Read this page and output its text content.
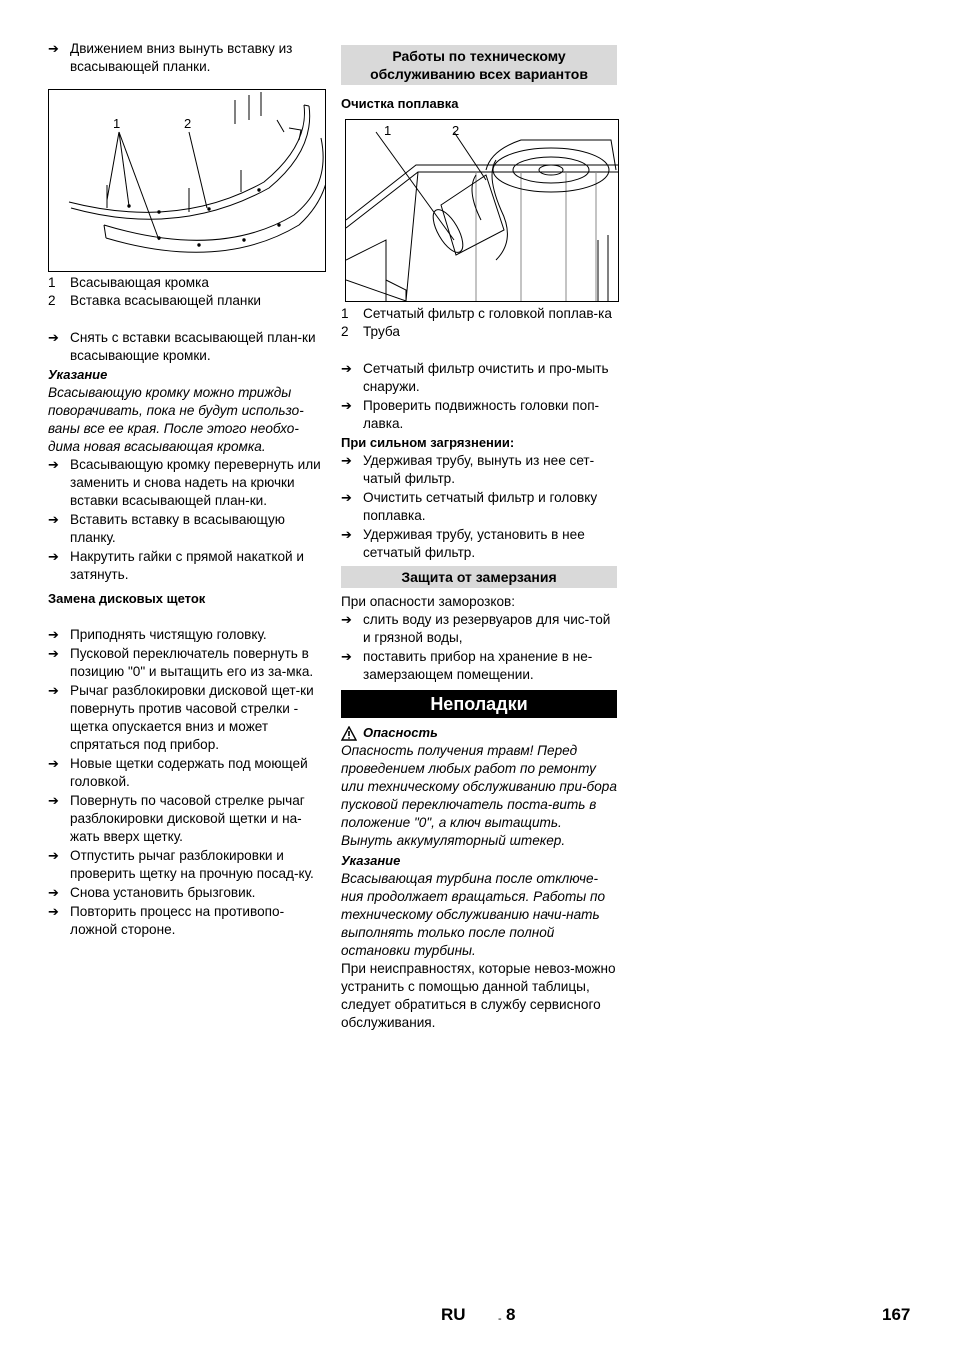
➔ Движением вниз вынуть вставку из всасывающей планки.
1	2
1	Всасывающая кромка
2	Вставка всасывающей планки
➔ Снять с вставки всасывающей план-ки всасывающие кромки.

Указание

Всасывающую кромку можно трижды поворачивать, пока не будут использо-ваны все ее края. После этого необхо-дима новая всасывающая кромка.

➔ Всасывающую кромку перевернуть или заменить и снова надеть на крючки вставки всасывающей план-ки.
➔ Вставить вставку в всасывающую планку.
➔ Накрутить гайки с прямой накаткой и затянуть.

Замена дисковых щеток

➔ Приподнять чистящую головку.
➔ Пусковой переключатель повернуть в позицию "0" и вытащить его из за-мка.
➔ Рычаг разблокировки дисковой щет-ки повернуть против часовой стрелки - щетка опускается вниз и может спрятаться под прибор.
➔ Новые щетки содержать под моющей головкой.
➔ Повернуть по часовой стрелке рычаг разблокировки дисковой щетки и на-жать вверх щетку.
➔ Отпустить рычаг разблокировки и проверить щетку на прочную посад-ку.
➔ Снова установить брызговик.
➔ Повторить процесс на противопо-ложной стороне.
Работы по техническому обслуживанию всех вариантов

Очистка поплавка

1	2
1	Сетчатый фильтр с головкой поплав-ка
2	Труба
➔ Сетчатый фильтр очистить и про-мыть снаружи.
➔ Проверить подвижность головки поп-лавка.

При сильном загрязнении:

➔ Удерживая трубу, вынуть из нее сет-чатый фильтр.
➔ Очистить сетчатый фильтр и головку поплавка.
➔ Удерживая трубу, установить в нее сетчатый фильтр.
Защита от замерзания

При опасности заморозков:

➔ слить воду из резервуаров для чис-той и грязной воды,
➔ поставить прибор на хранение в не-замерзающем помещении.
Неполадки
Опасность

Опасность получения травм! Перед проведением любых работ по ремонту или техническому обслуживанию при-бора пусковой переключатель поста-вить в положение "0", а ключ вытащить. Вынуть аккумуляторный штекер.

Указание

Всасывающая турбина после отключе-ния продолжает вращаться. Работы по техническому обслуживанию начи-нать выполнять только после полной остановки турбины.

При неисправностях, которые невоз-можно устранить с помощью данной таблицы, следует обратиться в службу сервисного обслуживания.

RU	- 8	167
